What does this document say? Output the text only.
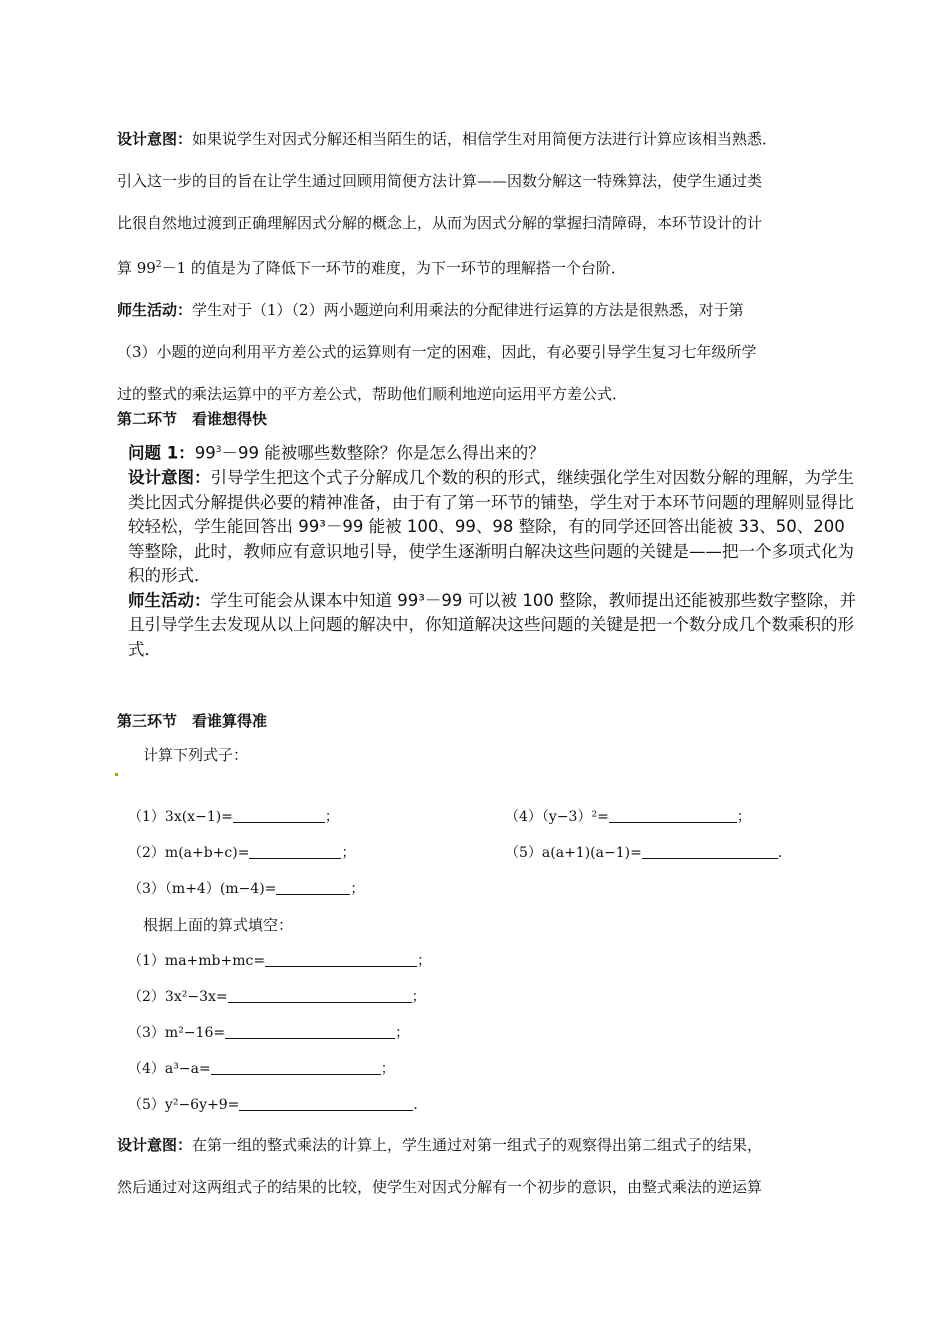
设计意图：如果说学生对因式分解还相当陌生的话，相信学生对用简便方法进行计算应该相当熟悉．
引入这一步的目的旨在让学生通过回顾用简便方法计算——因数分解这一特殊算法，使学生通过类
比很自然地过渡到正确理解因式分解的概念上，从而为因式分解的掌握扫清障碍，本环节设计的计
算 $99^2-1$ 的值是为了降低下一环节的难度，为下一环节的理解搭一个台阶．
师生活动：学生对于（1）（2）两小题逆向利用乘法的分配律进行运算的方法是很熟悉，对于第
（3）小题的逆向利用平方差公式的运算则有一定的困难，因此，有必要引导学生复习七年级所学
过的整式的乘法运算中的平方差公式，帮助他们顺利地逆向运用平方差公式．
第二环节　看谁想得快
问题 1：$99^3-99$ 能被哪些数整除？你是怎么得出来的？
设计意图：引导学生把这个式子分解成几个数的积的形式，继续强化学生对因数分解的理解，为学生类比因式分解提供必要的精神准备，由于有了第一环节的铺垫，学生对于本环节问题的理解则显得比较轻松，学生能回答出 99³－99 能被 100、99、98 整除，有的同学还回答出能被 33、50、200 等整除，此时，教师应有意识地引导，使学生逐渐明白解决这些问题的关键是——把一个多项式化为积的形式．
师生活动：学生可能会从课本中知道 99³－99 可以被 100 整除，教师提出还能被那些数字整除，并且引导学生去发现从以上问题的解决中，你知道解决这些问题的关键是把一个数分成几个数乘积的形式．
第三环节　看谁算得准
计算下列式子：
（1）3x(x−1)=	；
（2）m(a+b+c)=	；
（3）（m+4）(m−4)=	；
（4）（y−3）²=	；
（5）a(a+1)(a−1)=	．
根据上面的算式填空：
（1）ma+mb+mc=	；
（2）3x²−3x=	；
（3）m²−16=	；
（4）a³−a=	；
（5）y²−6y+9=	．
设计意图：在第一组的整式乘法的计算上，学生通过对第一组式子的观察得出第二组式子的结果，
然后通过对这两组式子的结果的比较，使学生对因式分解有一个初步的意识，由整式乘法的逆运算
